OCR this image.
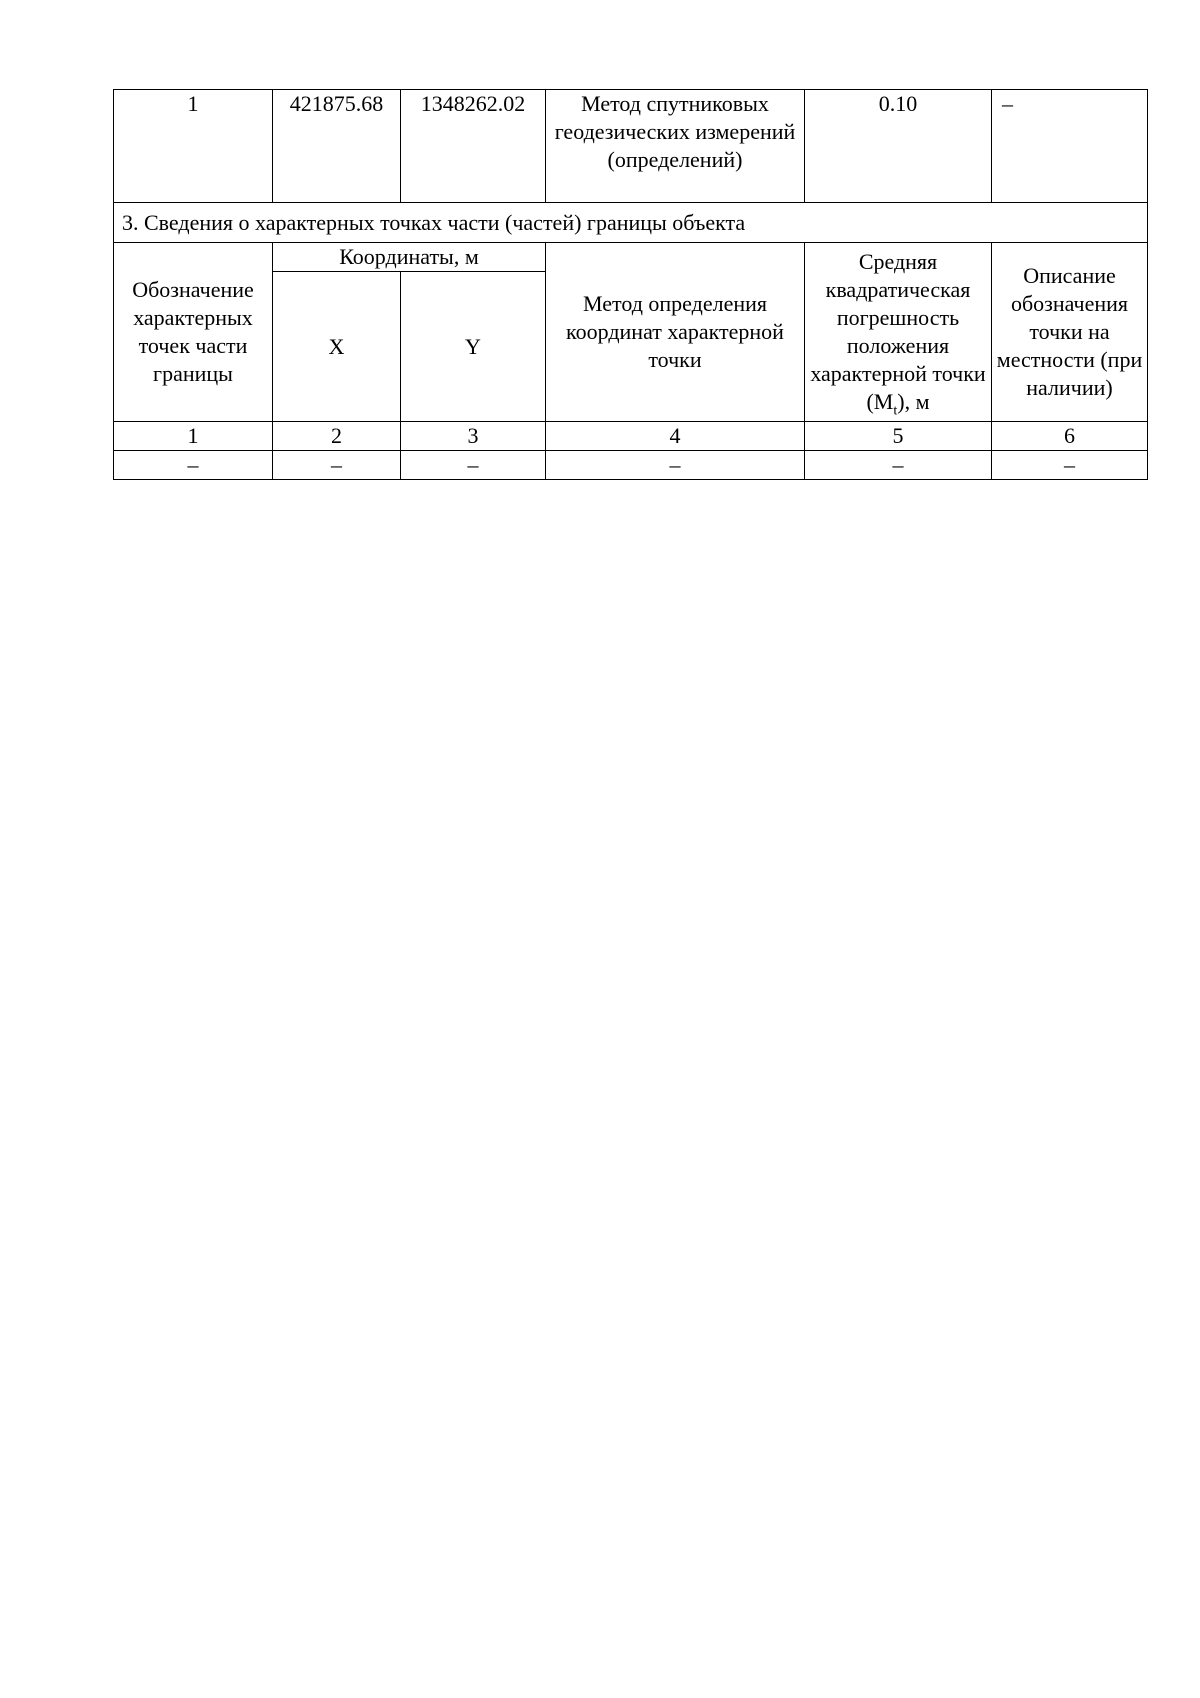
1	421875.68	1348262.02	Метод спутниковых геодезических измерений (определений)	0.10	–
3. Сведения о характерных точках части (частей) границы объекта					
Обозначение характерных точек части границы	Координаты, м		Метод определения координат характерной точки	Средняя квадратическая погрешность положения характерной точки $(M_t)$, м	Описание обозначения точки на местности (при наличии)
	X	Y			
1	2	3	4	5	6
–	–	–	–	–	–
